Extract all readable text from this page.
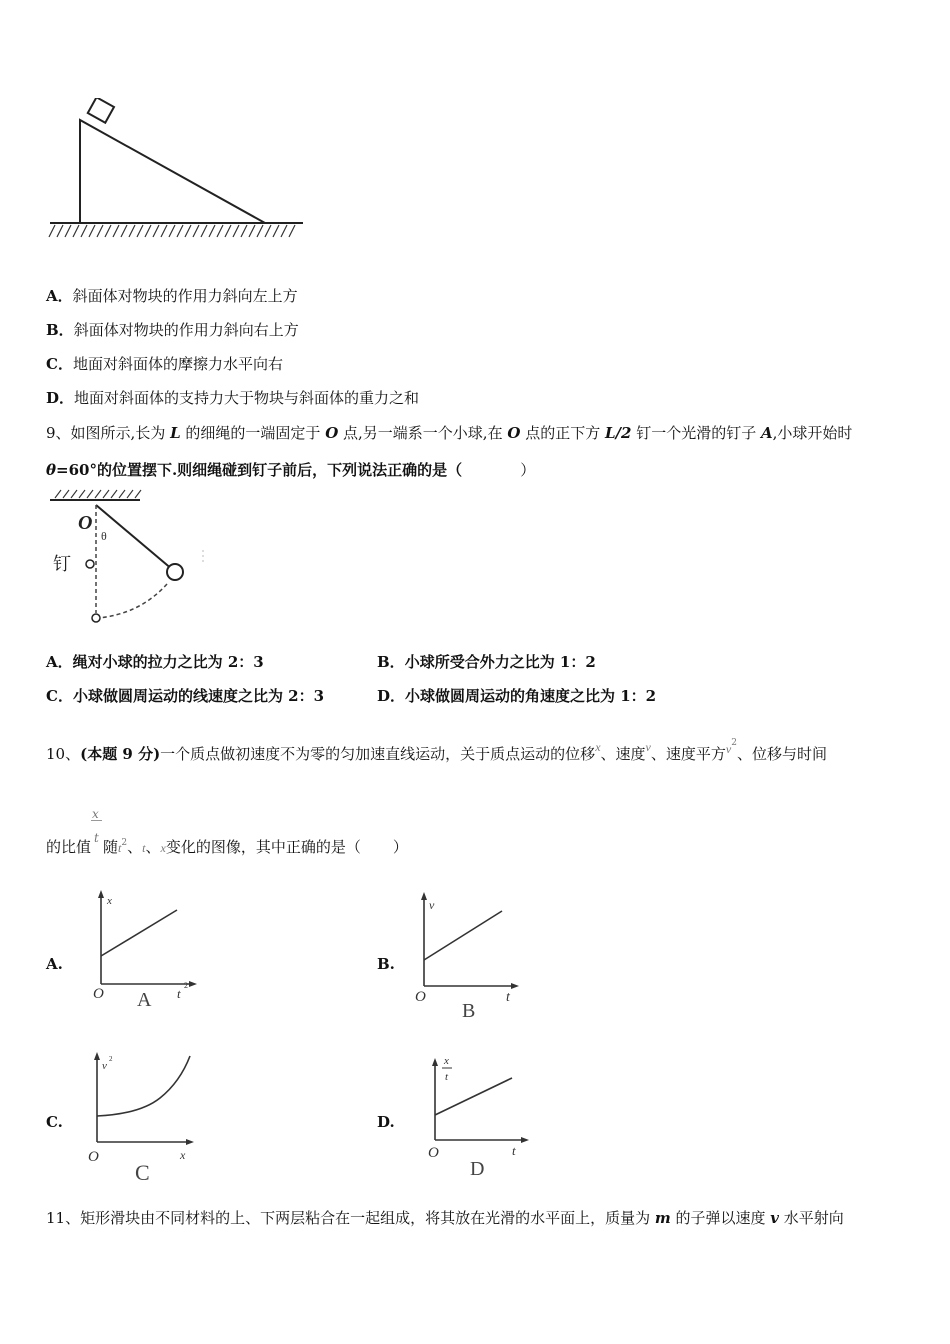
A．斜面体对物块的作用力斜向左上方
B．斜面体对物块的作用力斜向右上方
C．地面对斜面体的摩擦力水平向右
D．地面对斜面体的支持力大于物块与斜面体的重力之和
9、如图所示,长为 L 的细绳的一端固定于 O 点,另一端系一个小球,在 O 点的正下方 L/2 钉一个光滑的钉子 A,小球开始时
θ=60°的位置摆下.则细绳碰到钉子前后，下列说法正确的是（	）
O
θ
钉
A．绳对小球的拉力之比为 2：3	B．小球所受合外力之比为 1：2
C．小球做圆周运动的线速度之比为 2：3	D．小球做圆周运动的角速度之比为 1：2
10、(本题 9 分)一个质点做初速度不为零的匀加速直线运动，关于质点运动的位移$^x$、速度$^v$、速度平方$^{v2}$、位移与时间
的比值 $\frac{x}{t}$ 随$t^2$、t、x变化的图像，其中正确的是（ ）
A.
x
O	t
2
A
B.
v
O	t
B
C.
v
2
O	x
C
D.
x
t
O	t
D
11、矩形滑块由不同材料的上、下两层粘合在一起组成，将其放在光滑的水平面上，质量为 m 的子弹以速度 v 水平射向
